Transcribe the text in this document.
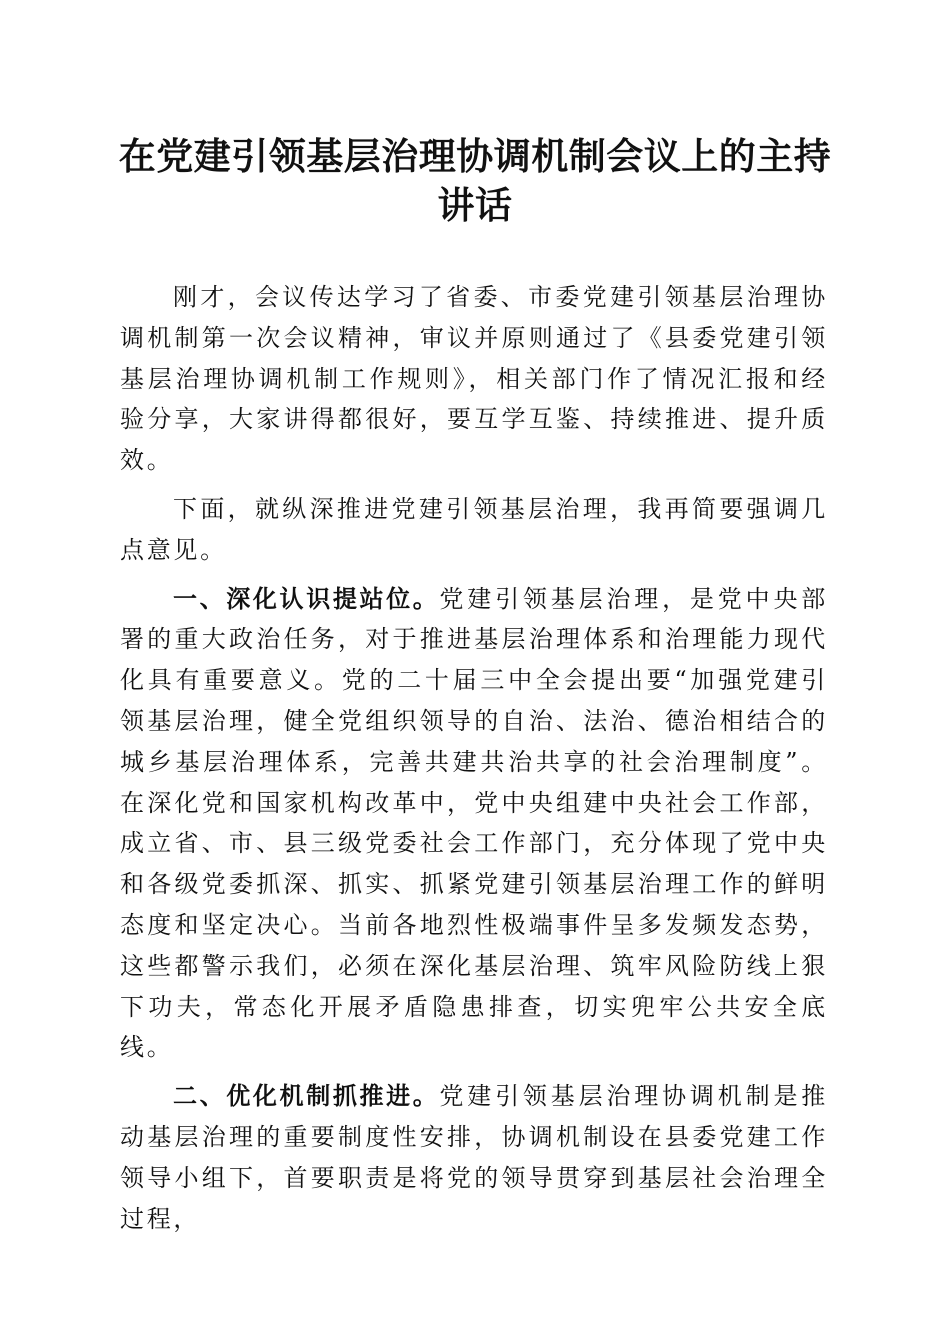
在党建引领基层治理协调机制会议上的主持讲话

刚才，会议传达学习了省委、市委党建引领基层治理协调机制第一次会议精神，审议并原则通过了《县委党建引领基层治理协调机制工作规则》，相关部门作了情况汇报和经验分享，大家讲得都很好，要互学互鉴、持续推进、提升质效。

下面，就纵深推进党建引领基层治理，我再简要强调几点意见。

一、深化认识提站位。党建引领基层治理，是党中央部署的重大政治任务，对于推进基层治理体系和治理能力现代化具有重要意义。党的二十届三中全会提出要“加强党建引领基层治理，健全党组织领导的自治、法治、德治相结合的城乡基层治理体系，完善共建共治共享的社会治理制度”。在深化党和国家机构改革中，党中央组建中央社会工作部，成立省、市、县三级党委社会工作部门，充分体现了党中央和各级党委抓深、抓实、抓紧党建引领基层治理工作的鲜明态度和坚定决心。当前各地烈性极端事件呈多发频发态势，这些都警示我们，必须在深化基层治理、筑牢风险防线上狠下功夫，常态化开展矛盾隐患排查，切实兜牢公共安全底线。

二、优化机制抓推进。党建引领基层治理协调机制是推动基层治理的重要制度性安排，协调机制设在县委党建工作领导小组下，首要职责是将党的领导贯穿到基层社会治理全过程，
